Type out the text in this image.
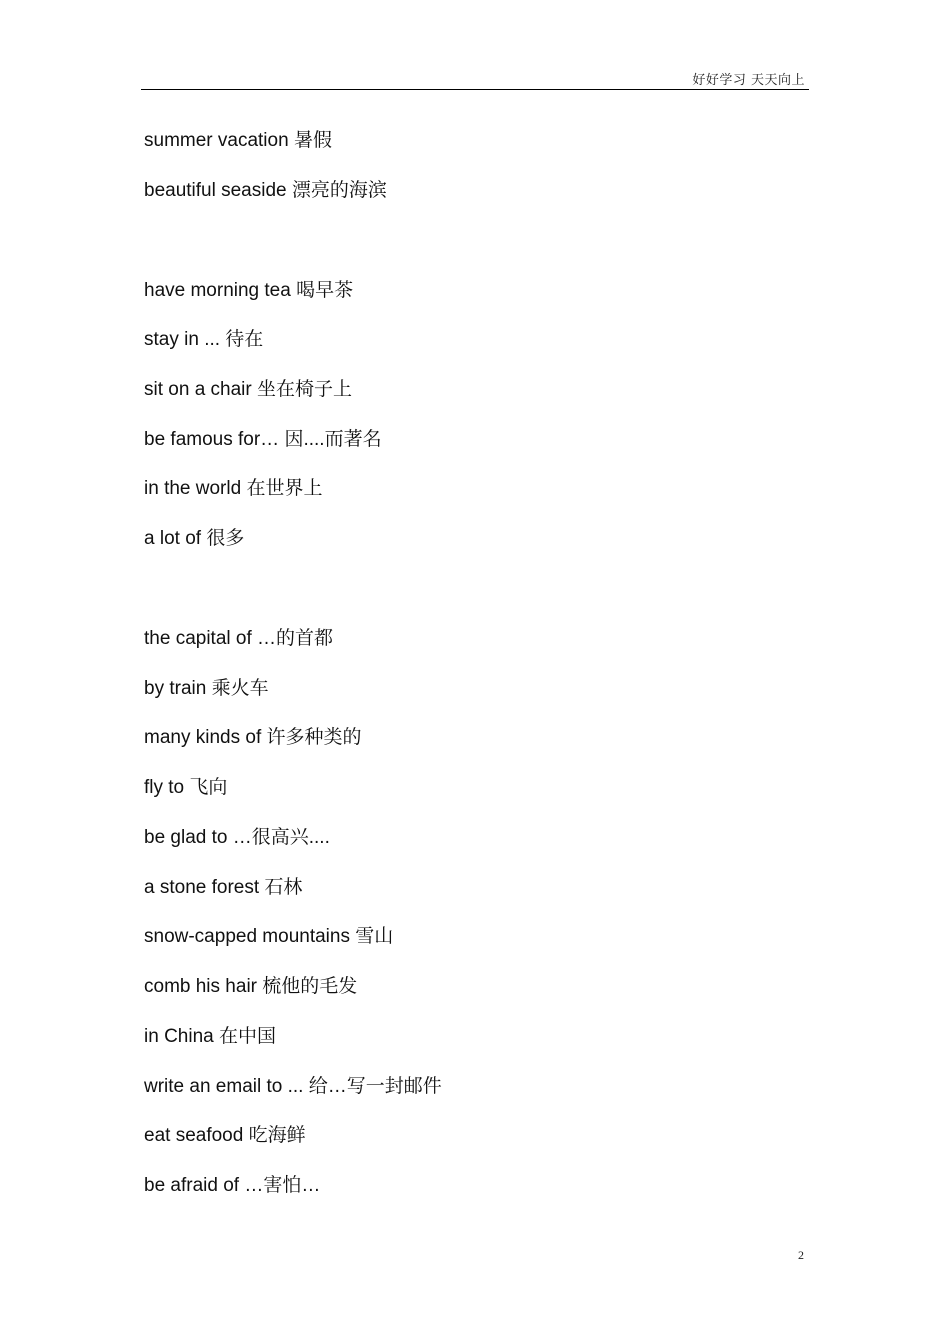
好好学习 天天向上
summer vacation 暑假
beautiful seaside 漂亮的海滨
have morning tea 喝早茶
stay in ... 待在
sit on a chair 坐在椅子上
be famous for… 因....而著名
in the world 在世界上
a lot of 很多
the capital of …的首都
by train 乘火车
many kinds of 许多种类的
fly to 飞向
be glad to …很高兴....
a stone forest 石林
snow-capped mountains 雪山
comb his hair 梳他的毛发
in China 在中国
write an email to ... 给…写一封邮件
eat seafood 吃海鲜
be afraid of …害怕…
2
